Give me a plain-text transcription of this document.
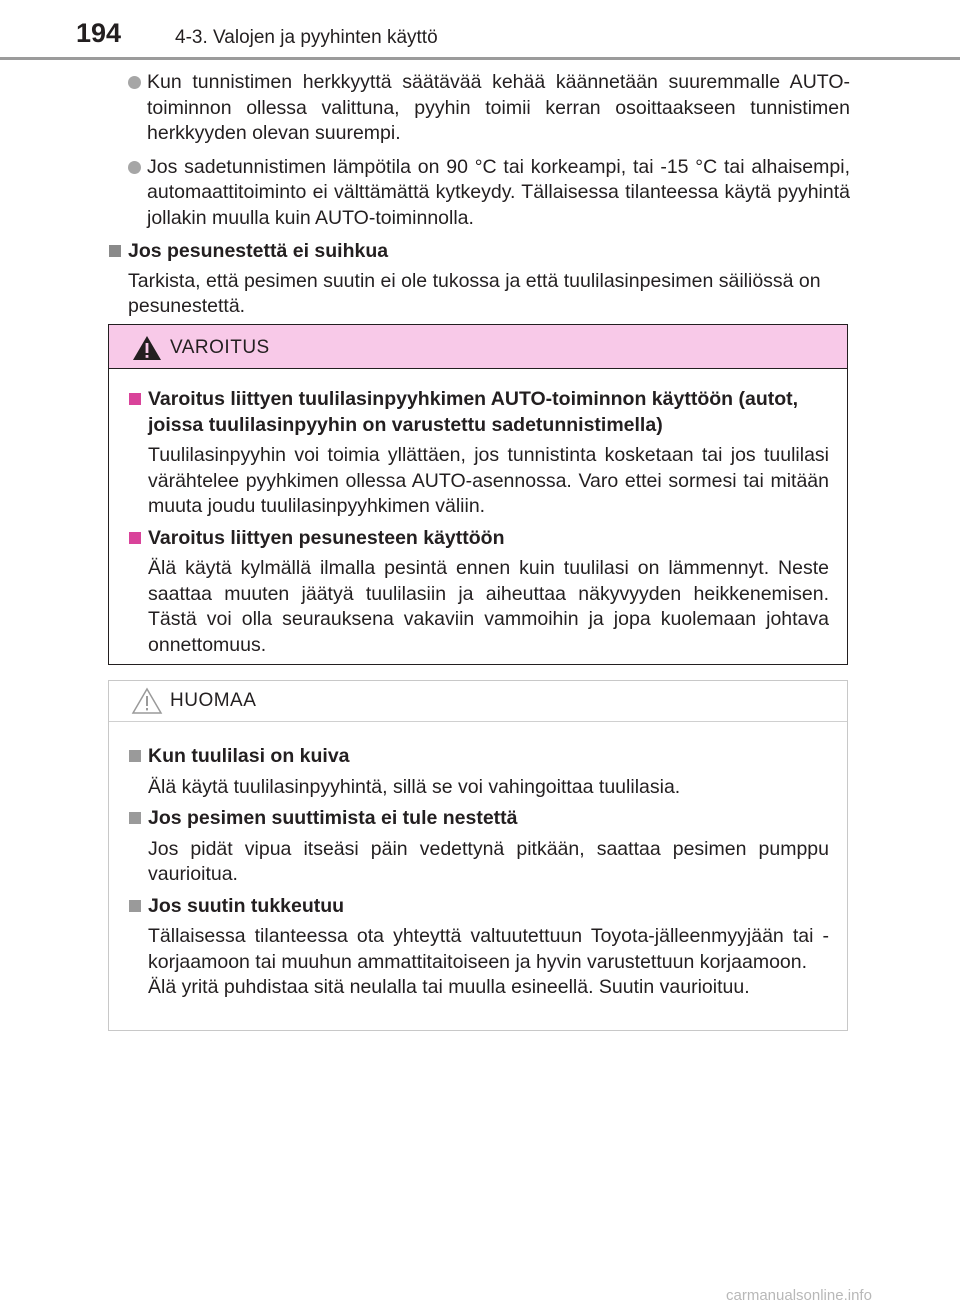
194	4-3. Valojen ja pyyhinten käyttö
Kun tunnistimen herkkyyttä säätävää kehää käännetään suuremmalle AUTO-toiminnon ollessa valittuna, pyyhin toimii kerran osoittaakseen tunnistimen herkkyyden olevan suurempi.
Jos sadetunnistimen lämpötila on 90 °C tai korkeampi, tai -15 °C tai alhaisempi, automaattitoiminto ei välttämättä kytkeydy. Tällaisessa tilanteessa käytä pyyhintä jollakin muulla kuin AUTO-toiminnolla.
Jos pesunestettä ei suihkua
Tarkista, että pesimen suutin ei ole tukossa ja että tuulilasinpesimen säiliössä on pesunestettä.
VAROITUS
Varoitus liittyen tuulilasinpyyhkimen AUTO-toiminnon käyttöön (autot, joissa tuulilasinpyyhin on varustettu sadetunnistimella)
Tuulilasinpyyhin voi toimia yllättäen, jos tunnistinta kosketaan tai jos tuulilasi värähtelee pyyhkimen ollessa AUTO-asennossa. Varo ettei sormesi tai mitään muuta joudu tuulilasinpyyhkimen väliin.
Varoitus liittyen pesunesteen käyttöön
Älä käytä kylmällä ilmalla pesintä ennen kuin tuulilasi on lämmennyt. Neste saattaa muuten jäätyä tuulilasiin ja aiheuttaa näkyvyyden heikkenemisen. Tästä voi olla seurauksena vakaviin vammoihin ja jopa kuolemaan johtava onnettomuus.
HUOMAA
Kun tuulilasi on kuiva
Älä käytä tuulilasinpyyhintä, sillä se voi vahingoittaa tuulilasia.
Jos pesimen suuttimista ei tule nestettä
Jos pidät vipua itseäsi päin vedettynä pitkään, saattaa pesimen pumppu vaurioitua.
Jos suutin tukkeutuu
Tällaisessa tilanteessa ota yhteyttä valtuutettuun Toyota-jälleenmyyjään tai -korjaamoon tai muuhun ammattitaitoiseen ja hyvin varustettuun korjaamoon.
Älä yritä puhdistaa sitä neulalla tai muulla esineellä. Suutin vaurioituu.
carmanualsonline.info
